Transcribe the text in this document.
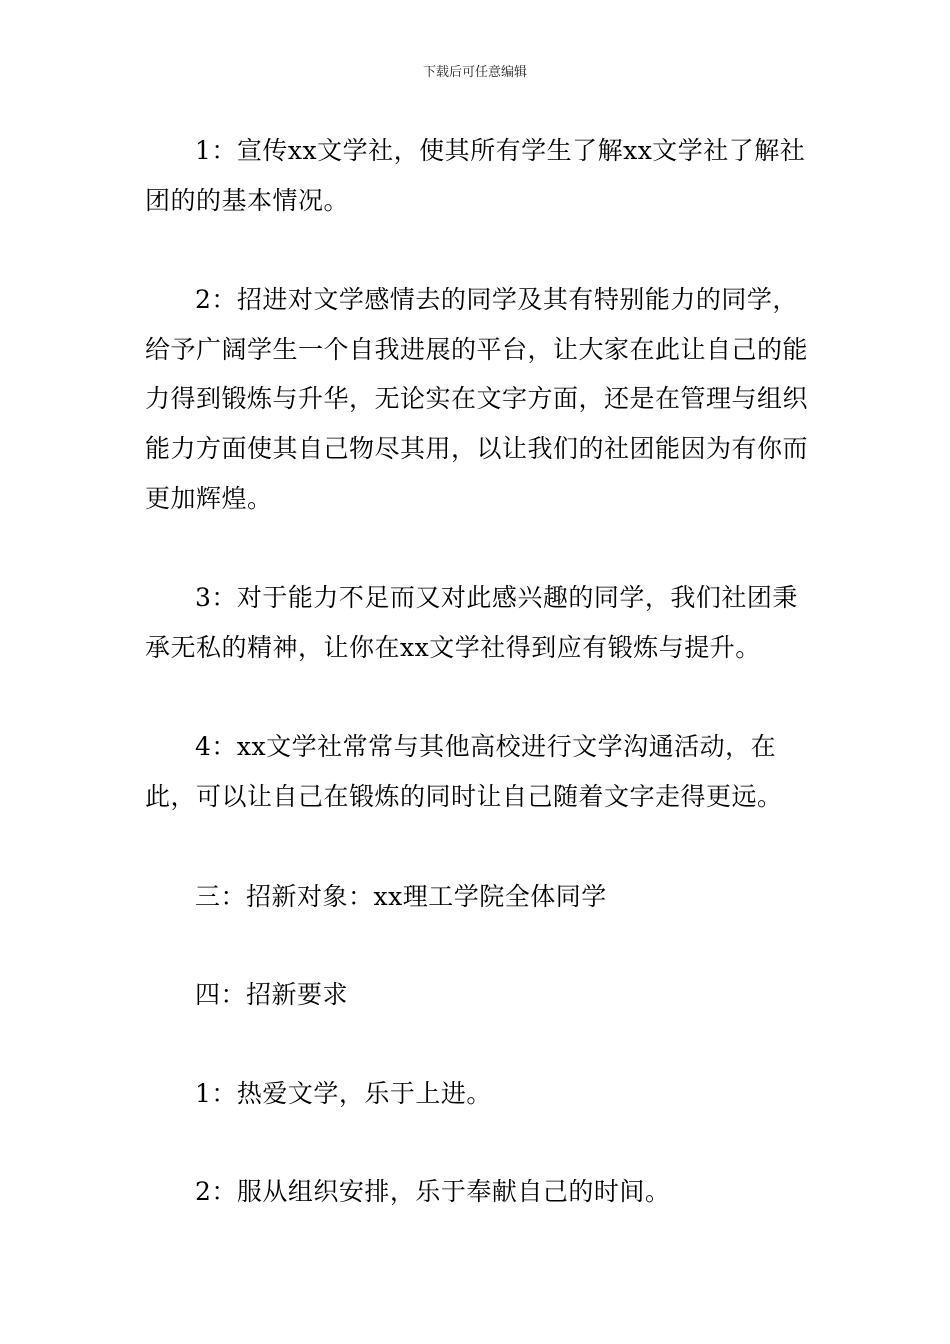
下载后可任意编辑

1：宣传xx文学社，使其所有学生了解xx文学社了解社团的的基本情况。

2：招进对文学感情去的同学及其有特别能力的同学，给予广阔学生一个自我进展的平台，让大家在此让自己的能力得到锻炼与升华，无论实在文字方面，还是在管理与组织能力方面使其自己物尽其用，以让我们的社团能因为有你而更加辉煌。

3：对于能力不足而又对此感兴趣的同学，我们社团秉承无私的精神，让你在xx文学社得到应有锻炼与提升。

4：xx文学社常常与其他高校进行文学沟通活动，在此，可以让自己在锻炼的同时让自己随着文字走得更远。

三：招新对象：xx理工学院全体同学

四：招新要求

1：热爱文学，乐于上进。

2：服从组织安排，乐于奉献自己的时间。
